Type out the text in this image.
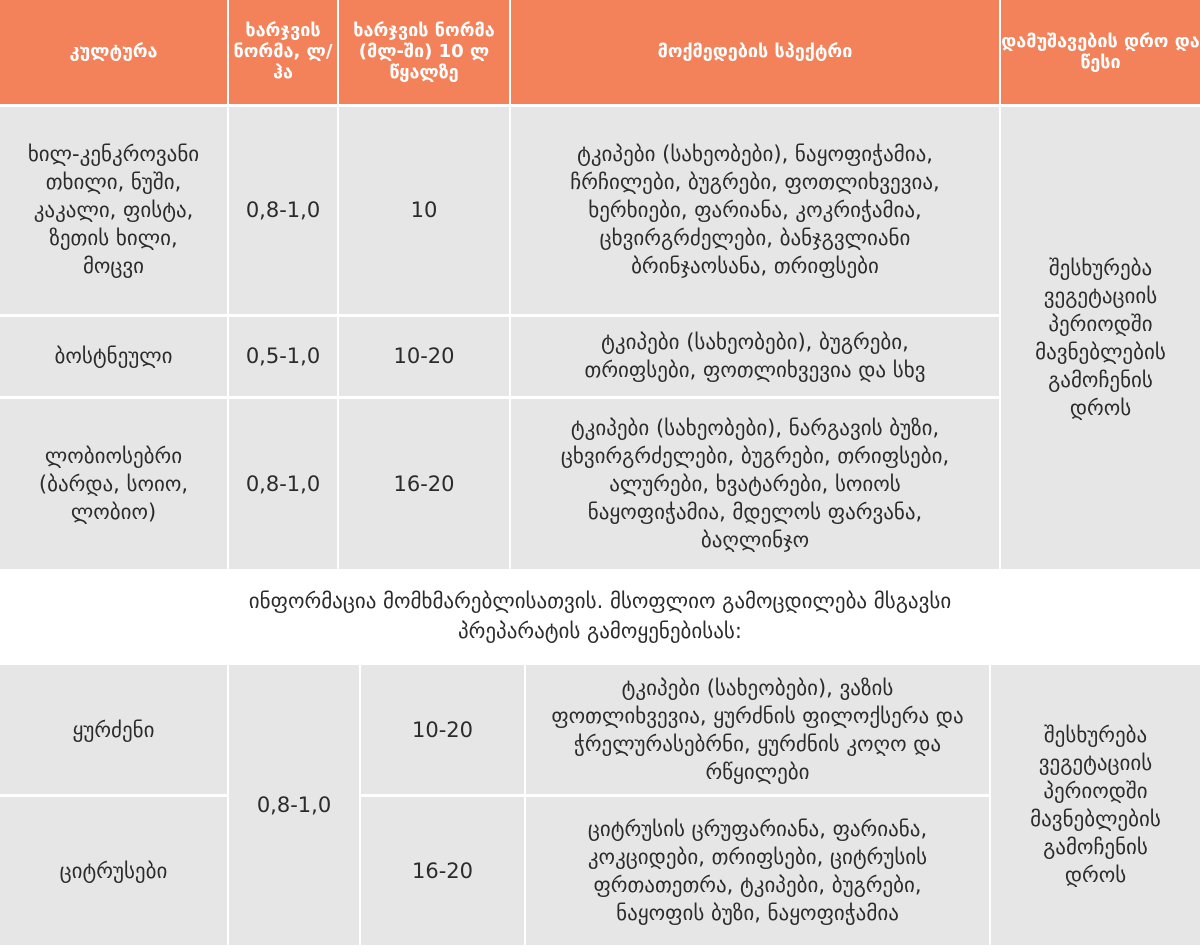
კულტურა	ხარჯვის ნორმა, ლ/ჰა	ხარჯვის ნორმა (მლ-ში) 10 ლ წყალზე	მოქმედების სპექტრი	დამუშავების დრო და წესი
ხილ-კენკროვანი თხილი, ნუში, კაკალი, ფისტა, ზეთის ხილი, მოცვი	0,8-1,0	10	ტკიპები (სახეობები), ნაყოფიჭამია, ჩრჩილები, ბუგრები, ფოთლიხვევია, ხერხიები, ფარიანა, კოკრიჭამია, ცხვირგრძელები, ბანჯგვლიანი ბრინჯაოსანა, თრიფსები	შესხურება ვეგეტაციის პერიოდში მავნებლების გამოჩენის დროს
ბოსტნეული	0,5-1,0	10-20	ტკიპები (სახეობები), ბუგრები, თრიფსები, ფოთლიხვევია და სხვ	
ლობიოსებრი (ბარდა, სოიო, ლობიო)	0,8-1,0	16-20	ტკიპები (სახეობები), ნარგავის ბუზი, ცხვირგრძელები, ბუგრები, თრიფსები, ალურები, ხვატარები, სოიოს ნაყოფიჭამია, მდელოს ფარვანა, ბაღლინჯო	
ინფორმაცია მომხმარებლისათვის. მსოფლიო გამოცდილება მსგავსი
პრეპარატის გამოყენებისას:
ყურძენი	0,8-1,0	10-20	ტკიპები (სახეობები), ვაზის ფოთლიხვევია, ყურძნის ფილოქსერა და ჭრელურასებრნი, ყურძნის კოღო და რწყილები	შესხურება ვეგეტაციის პერიოდში მავნებლების გამოჩენის დროს
ციტრუსები		16-20	ციტრუსის ცრუფარიანა, ფარიანა, კოკციდები, თრიფსები, ციტრუსის ფრთათეთრა, ტკიპები, ბუგრები, ნაყოფის ბუზი, ნაყოფიჭამია	
